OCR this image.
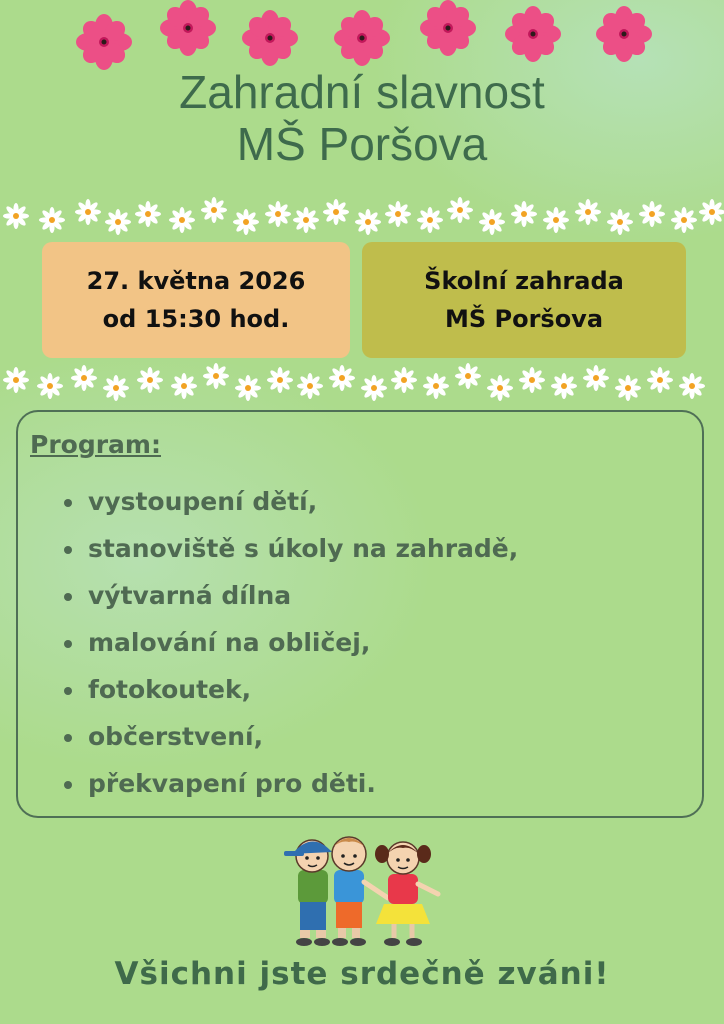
Zahradní slavnost
MŠ Poršova
27. května 2026
od 15:30 hod.
Školní zahrada
MŠ Poršova

Program:

vystoupení dětí,
stanoviště s úkoly na zahradě,
výtvarná dílna
malování na obličej,
fotokoutek,
občerstvení,
překvapení pro děti.
Všichni jste srdečně zváni!
